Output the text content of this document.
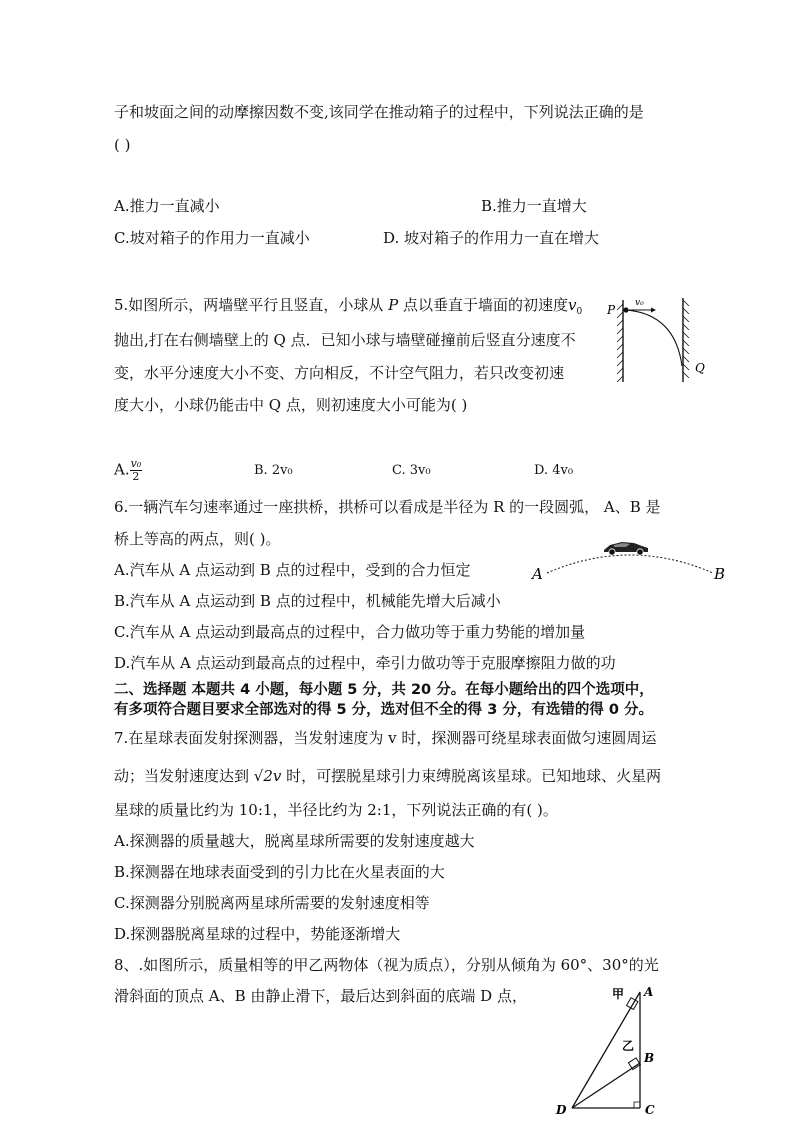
子和坡面之间的动摩擦因数不变,该同学在推动箱子的过程中，下列说法正确的是
( )
A.推力一直减小	B.推力一直增大
C.坡对箱子的作用力一直减小	D. 坡对箱子的作用力一直在增大
5.如图所示，两墙壁平行且竖直，小球从 P 点以垂直于墙面的初速度$v_0$
抛出,打在右侧墙壁上的 Q 点．已知小球与墙壁碰撞前后竖直分速度不
变，水平分速度大小不变、方向相反，不计空气阻力，若只改变初速
度大小，小球仍能击中 Q 点，则初速度大小可能为( )
A. $\frac{\text{v₀}}{2}$	B. 2v₀	C. 3v₀	D. 4v₀
P v₀
Q
6.一辆汽车匀速率通过一座拱桥，拱桥可以看成是半径为 R 的一段圆弧， A、B 是
桥上等高的两点，则( )。
A.汽车从 A 点运动到 B 点的过程中，受到的合力恒定
B.汽车从 A 点运动到 B 点的过程中，机械能先增大后减小
C.汽车从 A 点运动到最高点的过程中，合力做功等于重力势能的增加量
D.汽车从 A 点运动到最高点的过程中，牵引力做功等于克服摩擦阻力做的功
A	B
二、选择题 本题共 4 小题，每小题 5 分，共 20 分。在每小题给出的四个选项中，
有多项符合题目要求全部选对的得 5 分，选对但不全的得 3 分，有选错的得 0 分。
7.在星球表面发射探测器，当发射速度为 v 时，探测器可绕星球表面做匀速圆周运
动；当发射速度达到 √2v 时，可摆脱星球引力束缚脱离该星球。已知地球、火星两
星球的质量比约为 10:1，半径比约为 2:1，下列说法正确的有( )。
A.探测器的质量越大，脱离星球所需要的发射速度越大
B.探测器在地球表面受到的引力比在火星表面的大
C.探测器分别脱离两星球所需要的发射速度相等
D.探测器脱离星球的过程中，势能逐渐增大
8、.如图所示，质量相等的甲乙两物体（视为质点），分别从倾角为 60°、30°的光
滑斜面的顶点 A、B 由静止滑下，最后达到斜面的底端 D 点，	甲 A
乙
B
D	C
